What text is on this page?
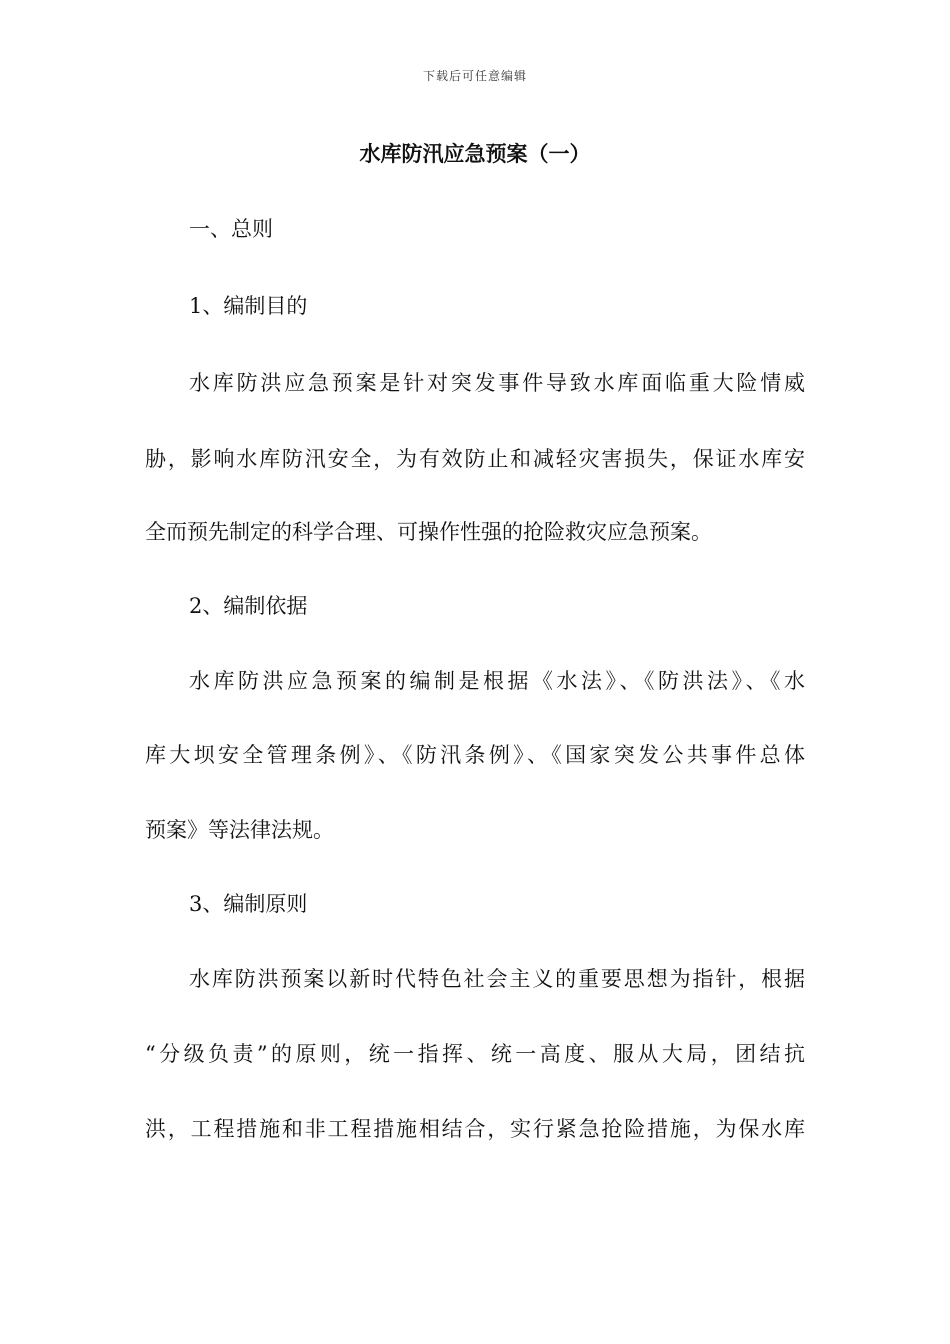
下载后可任意编辑
水库防汛应急预案（一）

一、总则

1、编制目的

水库防洪应急预案是针对突发事件导致水库面临重大险情威

胁，影响水库防汛安全，为有效防止和减轻灾害损失，保证水库安

全而预先制定的科学合理、可操作性强的抢险救灾应急预案。

2、编制依据

水库防洪应急预案的编制是根据《水法》、《防洪法》、《水

库大坝安全管理条例》、《防汛条例》、《国家突发公共事件总体

预案》等法律法规。

3、编制原则

水库防洪预案以新时代特色社会主义的重要思想为指针，根据

“分级负责”的原则，统一指挥、统一高度、服从大局，团结抗

洪，工程措施和非工程措施相结合，实行紧急抢险措施，为保水库
